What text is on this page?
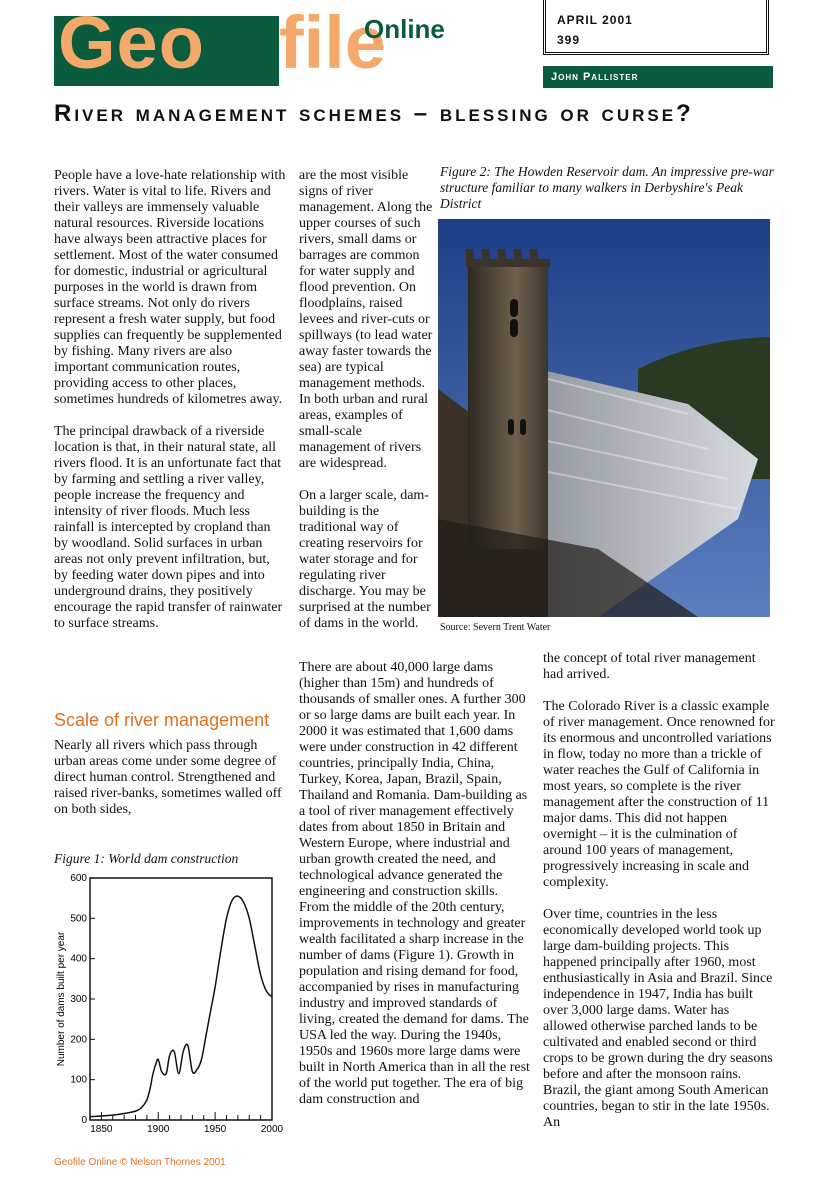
Geo file
Online	APRIL 2001
399
John Pallister
River management schemes – blessing or curse?

People have a love-hate relationship with rivers. Water is vital to life. Rivers and their valleys are immensely valuable natural resources. Riverside locations have always been attractive places for settlement. Most of the water consumed for domestic, industrial or agricultural purposes in the world is drawn from surface streams. Not only do rivers represent a fresh water supply, but food supplies can frequently be supplemented by fishing. Many rivers are also important communication routes, providing access to other places, sometimes hundreds of kilometres away.

The principal drawback of a riverside location is that, in their natural state, all rivers flood. It is an unfortunate fact that by farming and settling a river valley, people increase the frequency and intensity of river floods. Much less rainfall is intercepted by cropland than by woodland. Solid surfaces in urban areas not only prevent infiltration, but, by feeding water down pipes and into underground drains, they positively encourage the rapid transfer of rainwater to surface streams.

Scale of river management

Nearly all rivers which pass through urban areas come under some degree of direct human control. Strengthened and raised river-banks, sometimes walled off on both sides,

Figure 1: World dam construction
0
100
200
300
400
500
600
1850	1900	1950	2000
Number of dams built per year

are the most visible signs of river management. Along the upper courses of such rivers, small dams or barrages are common for water supply and flood prevention. On floodplains, raised levees and river-cuts or spillways (to lead water away faster towards the sea) are typical management methods. In both urban and rural areas, examples of small-scale management of rivers are widespread.

On a larger scale, dam-building is the traditional way of creating reservoirs for water storage and for regulating river discharge. You may be surprised at the number of dams in the world.

There are about 40,000 large dams (higher than 15m) and hundreds of thousands of smaller ones. A further 300 or so large dams are built each year. In 2000 it was estimated that 1,600 dams were under construction in 42 different countries, principally India, China, Turkey, Korea, Japan, Brazil, Spain, Thailand and Romania. Dam-building as a tool of river management effectively dates from about 1850 in Britain and Western Europe, where industrial and urban growth created the need, and technological advance generated the engineering and construction skills. From the middle of the 20th century, improvements in technology and greater wealth facilitated a sharp increase in the number of dams (Figure 1). Growth in population and rising demand for food, accompanied by rises in manufacturing industry and improved standards of living, created the demand for dams. The USA led the way. During the 1940s, 1950s and 1960s more large dams were built in North America than in all the rest of the world put together. The era of big dam construction and

Figure 2: The Howden Reservoir dam. An impressive pre-war structure familiar to many walkers in Derbyshire's Peak District
Source: Severn Trent Water

the concept of total river management had arrived.

The Colorado River is a classic example of river management. Once renowned for its enormous and uncontrolled variations in flow, today no more than a trickle of water reaches the Gulf of California in most years, so complete is the river management after the construction of 11 major dams. This did not happen overnight – it is the culmination of around 100 years of management, progressively increasing in scale and complexity.

Over time, countries in the less economically developed world took up large dam-building projects. This happened principally after 1960, most enthusiastically in Asia and Brazil. Since independence in 1947, India has built over 3,000 large dams. Water has allowed otherwise parched lands to be cultivated and enabled second or third crops to be grown during the dry seasons before and after the monsoon rains. Brazil, the giant among South American countries, began to stir in the late 1950s. An

Geofile Online © Nelson Thornes 2001
